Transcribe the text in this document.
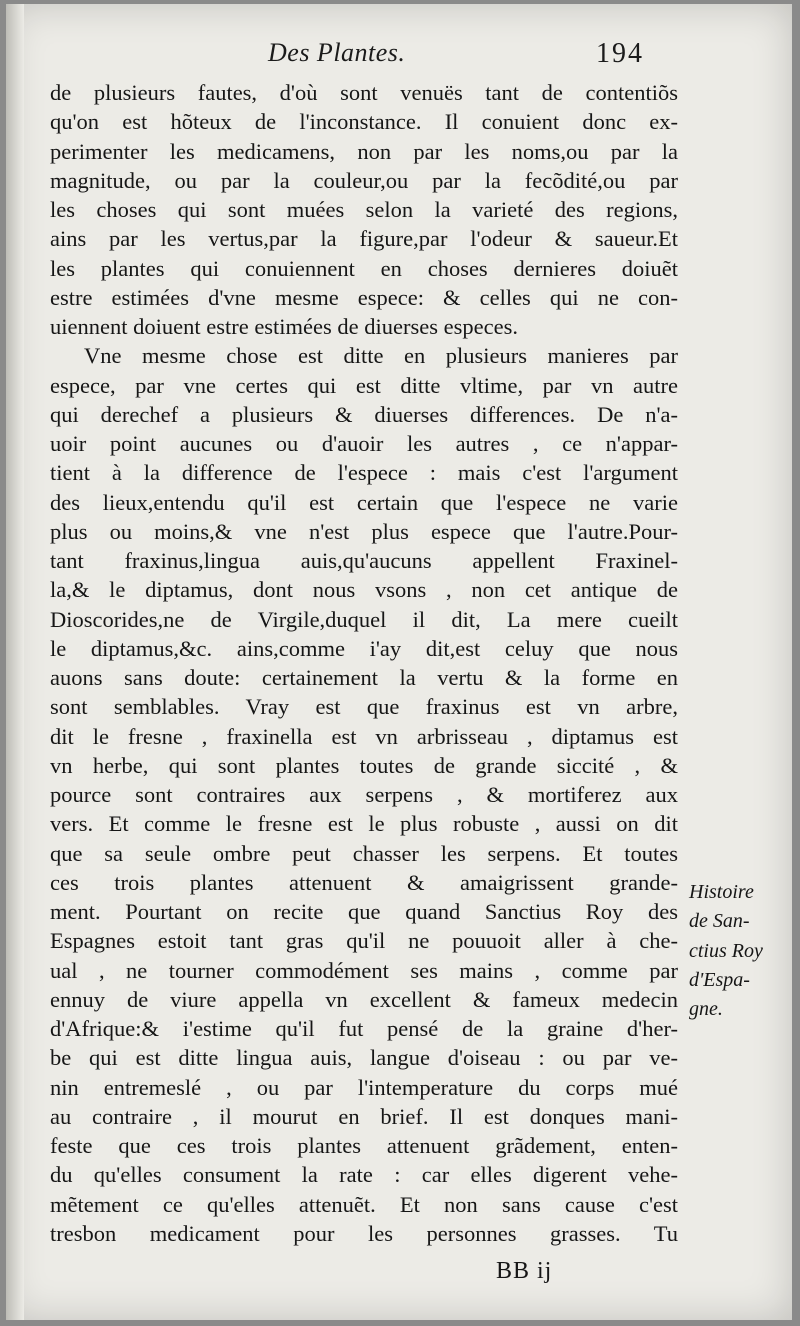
Des Plantes.	194
de plusieurs fautes, d'où sont venuës tant de contentiõs
qu'on est hõteux de l'inconstance. Il conuient donc ex-
perimenter les medicamens, non par les noms,ou par la
magnitude, ou par la couleur,ou par la fecõdité,ou par
les choses qui sont muées selon la varieté des regions,
ains par les vertus,par la figure,par l'odeur & saueur.Et
les plantes qui conuiennent en choses dernieres doiuẽt
estre estimées d'vne mesme espece: & celles qui ne con-
uiennent doiuent estre estimées de diuerses especes.
Vne mesme chose est ditte en plusieurs manieres par
espece, par vne certes qui est ditte vltime, par vn autre
qui derechef a plusieurs & diuerses differences. De n'a-
uoir point aucunes ou d'auoir les autres , ce n'appar-
tient à la difference de l'espece : mais c'est l'argument
des lieux,entendu qu'il est certain que l'espece ne varie
plus ou moins,& vne n'est plus espece que l'autre.Pour-
tant fraxinus,lingua auis,qu'aucuns appellent Fraxinel-
la,& le diptamus, dont nous vsons , non cet antique de
Dioscorides,ne de Virgile,duquel il dit, La mere cueilt
le diptamus,&c. ains,comme i'ay dit,est celuy que nous
auons sans doute: certainement la vertu & la forme en
sont semblables. Vray est que fraxinus est vn arbre,
dit le fresne , fraxinella est vn arbrisseau , diptamus est
vn herbe, qui sont plantes toutes de grande siccité , &
pource sont contraires aux serpens , & mortiferez aux
vers. Et comme le fresne est le plus robuste , aussi on dit
que sa seule ombre peut chasser les serpens. Et toutes
ces trois plantes attenuent & amaigrissent grande-
ment. Pourtant on recite que quand Sanctius Roy des
Espagnes estoit tant gras qu'il ne pouuoit aller à che-
ual , ne tourner commodément ses mains , comme par
ennuy de viure appella vn excellent & fameux medecin
d'Afrique:& i'estime qu'il fut pensé de la graine d'her-
be qui est ditte lingua auis, langue d'oiseau : ou par ve-
nin entremeslé , ou par l'intemperature du corps mué
au contraire , il mourut en brief. Il est donques mani-
feste que ces trois plantes attenuent grãdement, enten-
du qu'elles consument la rate : car elles digerent vehe-
mẽtement ce qu'elles attenuẽt. Et non sans cause c'est
tresbon medicament pour les personnes grasses. Tu
Histoire
de San-
ctius Roy
d'Espa-
gne.
BB ij
